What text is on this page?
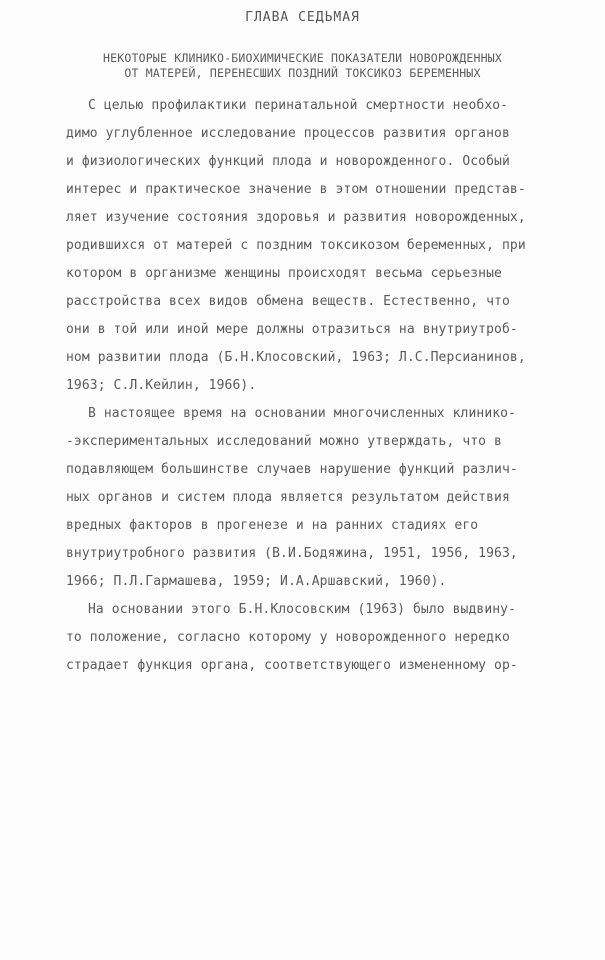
ГЛАВА СЕДЬМАЯ
НЕКОТОРЫЕ КЛИНИКО-БИОХИМИЧЕСКИЕ ПОКАЗАТЕЛИ НОВОРОЖДЕННЫХ
ОТ МАТЕРЕЙ, ПЕРЕНЕСШИХ ПОЗДНИЙ ТОКСИКОЗ БЕРЕМЕННЫХ
С целью профилактики перинатальной смертности необхо-
димо углубленное исследование процессов развития органов
и физиологических функций плода и новорожденного. Особый
интерес и практическое значение в этом отношении представ-
ляет изучение состояния здоровья и развития новорожденных,
родившихся от матерей с поздним токсикозом беременных, при
котором в организме женщины происходят весьма серьезные
расстройства всех видов обмена веществ. Естественно, что
они в той или иной мере должны отразиться на внутриутроб-
ном развитии плода (Б.Н.Клосовский, 1963; Л.С.Персианинов,
1963; С.Л.Кейлин, 1966).
В настоящее время на основании многочисленных клинико-
-экспериментальных исследований можно утверждать, что в
подавляющем большинстве случаев нарушение функций различ-
ных органов и систем плода является результатом действия
вредных факторов в прогенезе и на ранних стадиях его
внутриутробного развития (В.И.Бодяжина, 1951, 1956, 1963,
1966; П.Л.Гармашева, 1959; И.А.Аршавский, 1960).
На основании этого Б.Н.Клосовским (1963) было выдвину-
то положение, согласно которому у новорожденного нередко
страдает функция органа, соответствующего измененному ор-
